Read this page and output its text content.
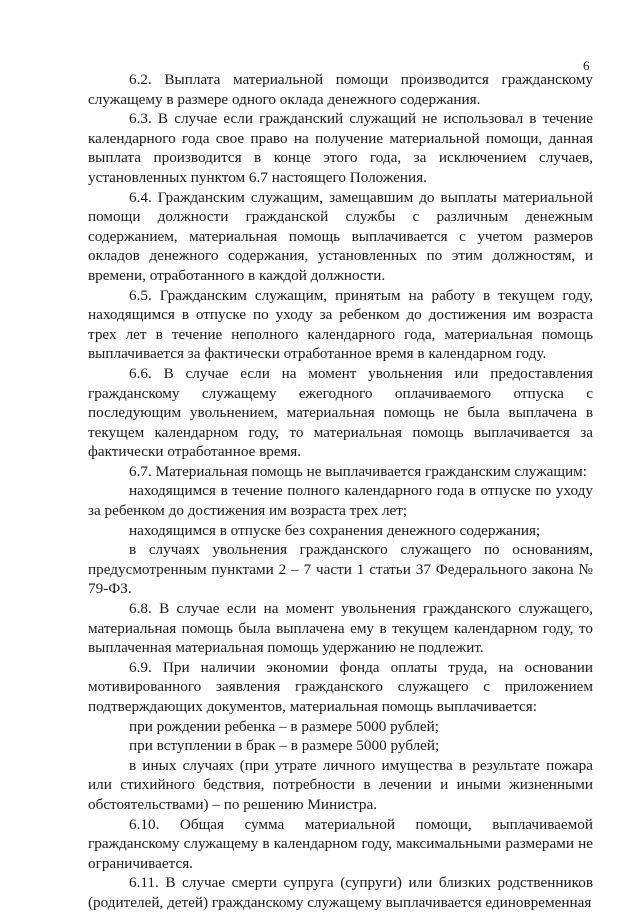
6

6.2. Выплата материальной помощи производится гражданскому служащему в размере одного оклада денежного содержания.

6.3. В случае если гражданский служащий не использовал в течение календарного года свое право на получение материальной помощи, данная выплата производится в конце этого года, за исключением случаев, установленных пунктом 6.7 настоящего Положения.

6.4. Гражданским служащим, замещавшим до выплаты материальной помощи должности гражданской службы с различным денежным содержанием, материальная помощь выплачивается с учетом размеров окладов денежного содержания, установленных по этим должностям, и времени, отработанного в каждой должности.

6.5. Гражданским служащим, принятым на работу в текущем году, находящимся в отпуске по уходу за ребенком до достижения им возраста трех лет в течение неполного календарного года, материальная помощь выплачивается за фактически отработанное время в календарном году.

6.6. В случае если на момент увольнения или предоставления гражданскому служащему ежегодного оплачиваемого отпуска с последующим увольнением, материальная помощь не была выплачена в текущем календарном году, то материальная помощь выплачивается за фактически отработанное время.

6.7. Материальная помощь не выплачивается гражданским служащим:

находящимся в течение полного календарного года в отпуске по уходу за ребенком до достижения им возраста трех лет;

находящимся в отпуске без сохранения денежного содержания;

в случаях увольнения гражданского служащего по основаниям, предусмотренным пунктами 2 – 7 части 1 статьи 37 Федерального закона № 79-ФЗ.

6.8. В случае если на момент увольнения гражданского служащего, материальная помощь была выплачена ему в текущем календарном году, то выплаченная материальная помощь удержанию не подлежит.

6.9. При наличии экономии фонда оплаты труда, на основании мотивированного заявления гражданского служащего с приложением подтверждающих документов, материальная помощь выплачивается:

при рождении ребенка – в размере 5000 рублей;

при вступлении в брак – в размере 5000 рублей;

в иных случаях (при утрате личного имущества в результате пожара или стихийного бедствия, потребности в лечении и иными жизненными обстоятельствами) – по решению Министра.

6.10. Общая сумма материальной помощи, выплачиваемой гражданскому служащему в календарном году, максимальными размерами не ограничивается.

6.11. В случае смерти супруга (супруги) или близких родственников (родителей, детей) гражданскому служащему выплачивается единовременная
